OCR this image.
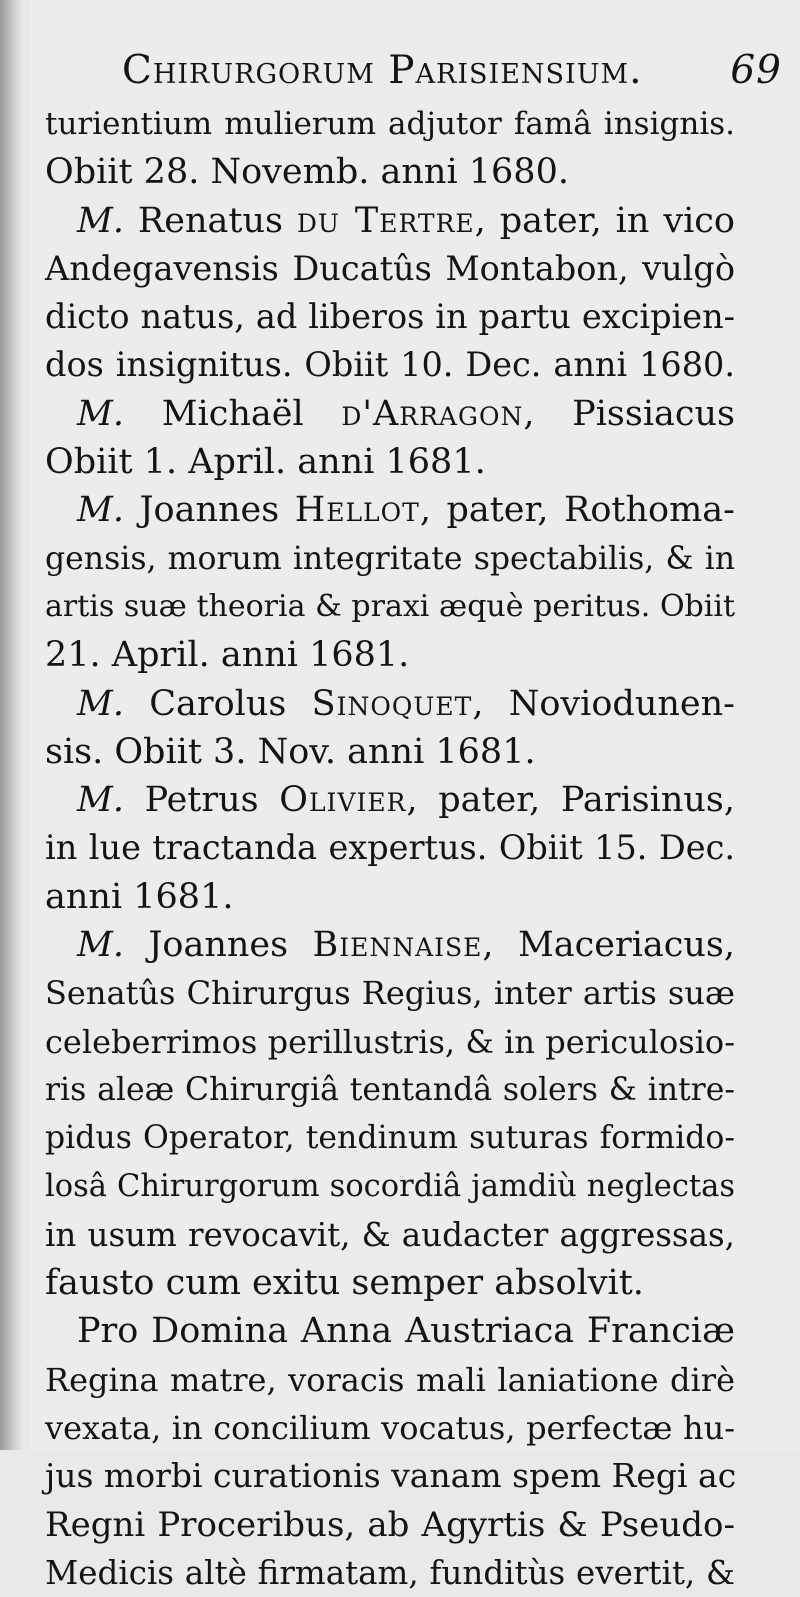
Chirurgorum Parisiensium. 69
turientium mulierum adjutor famâ insignis.
Obiit 28. Novemb. anni 1680.
M. Renatus du Tertre, pater, in vico
Andegavensis Ducatûs Montabon, vulgò
dicto natus, ad liberos in partu excipien-
dos insignitus. Obiit 10. Dec. anni 1680.
M. Michaël d'Arragon, Pissiacus
Obiit 1. April. anni 1681.
M. Joannes Hellot, pater, Rothoma-
gensis, morum integritate spectabilis, & in
artis suæ theoria & praxi æquè peritus. Obiit
21. April. anni 1681.
M. Carolus Sinoquet, Noviodunen-
sis. Obiit 3. Nov. anni 1681.
M. Petrus Olivier, pater, Parisinus,
in lue tractanda expertus. Obiit 15. Dec.
anni 1681.
M. Joannes Biennaise, Maceriacus,
Senatûs Chirurgus Regius, inter artis suæ
celeberrimos perillustris, & in periculosio-
ris aleæ Chirurgiâ tentandâ solers & intre-
pidus Operator, tendinum suturas formido-
losâ Chirurgorum socordiâ jamdiù neglectas
in usum revocavit, & audacter aggressas,
fausto cum exitu semper absolvit.
Pro Domina Anna Austriaca Franciæ
Regina matre, voracis mali laniatione dirè
vexata, in concilium vocatus, perfectæ hu-
jus morbi curationis vanam spem Regi ac
Regni Proceribus, ab Agyrtis & Pseudo-
Medicis altè firmatam, funditùs evertit, &
